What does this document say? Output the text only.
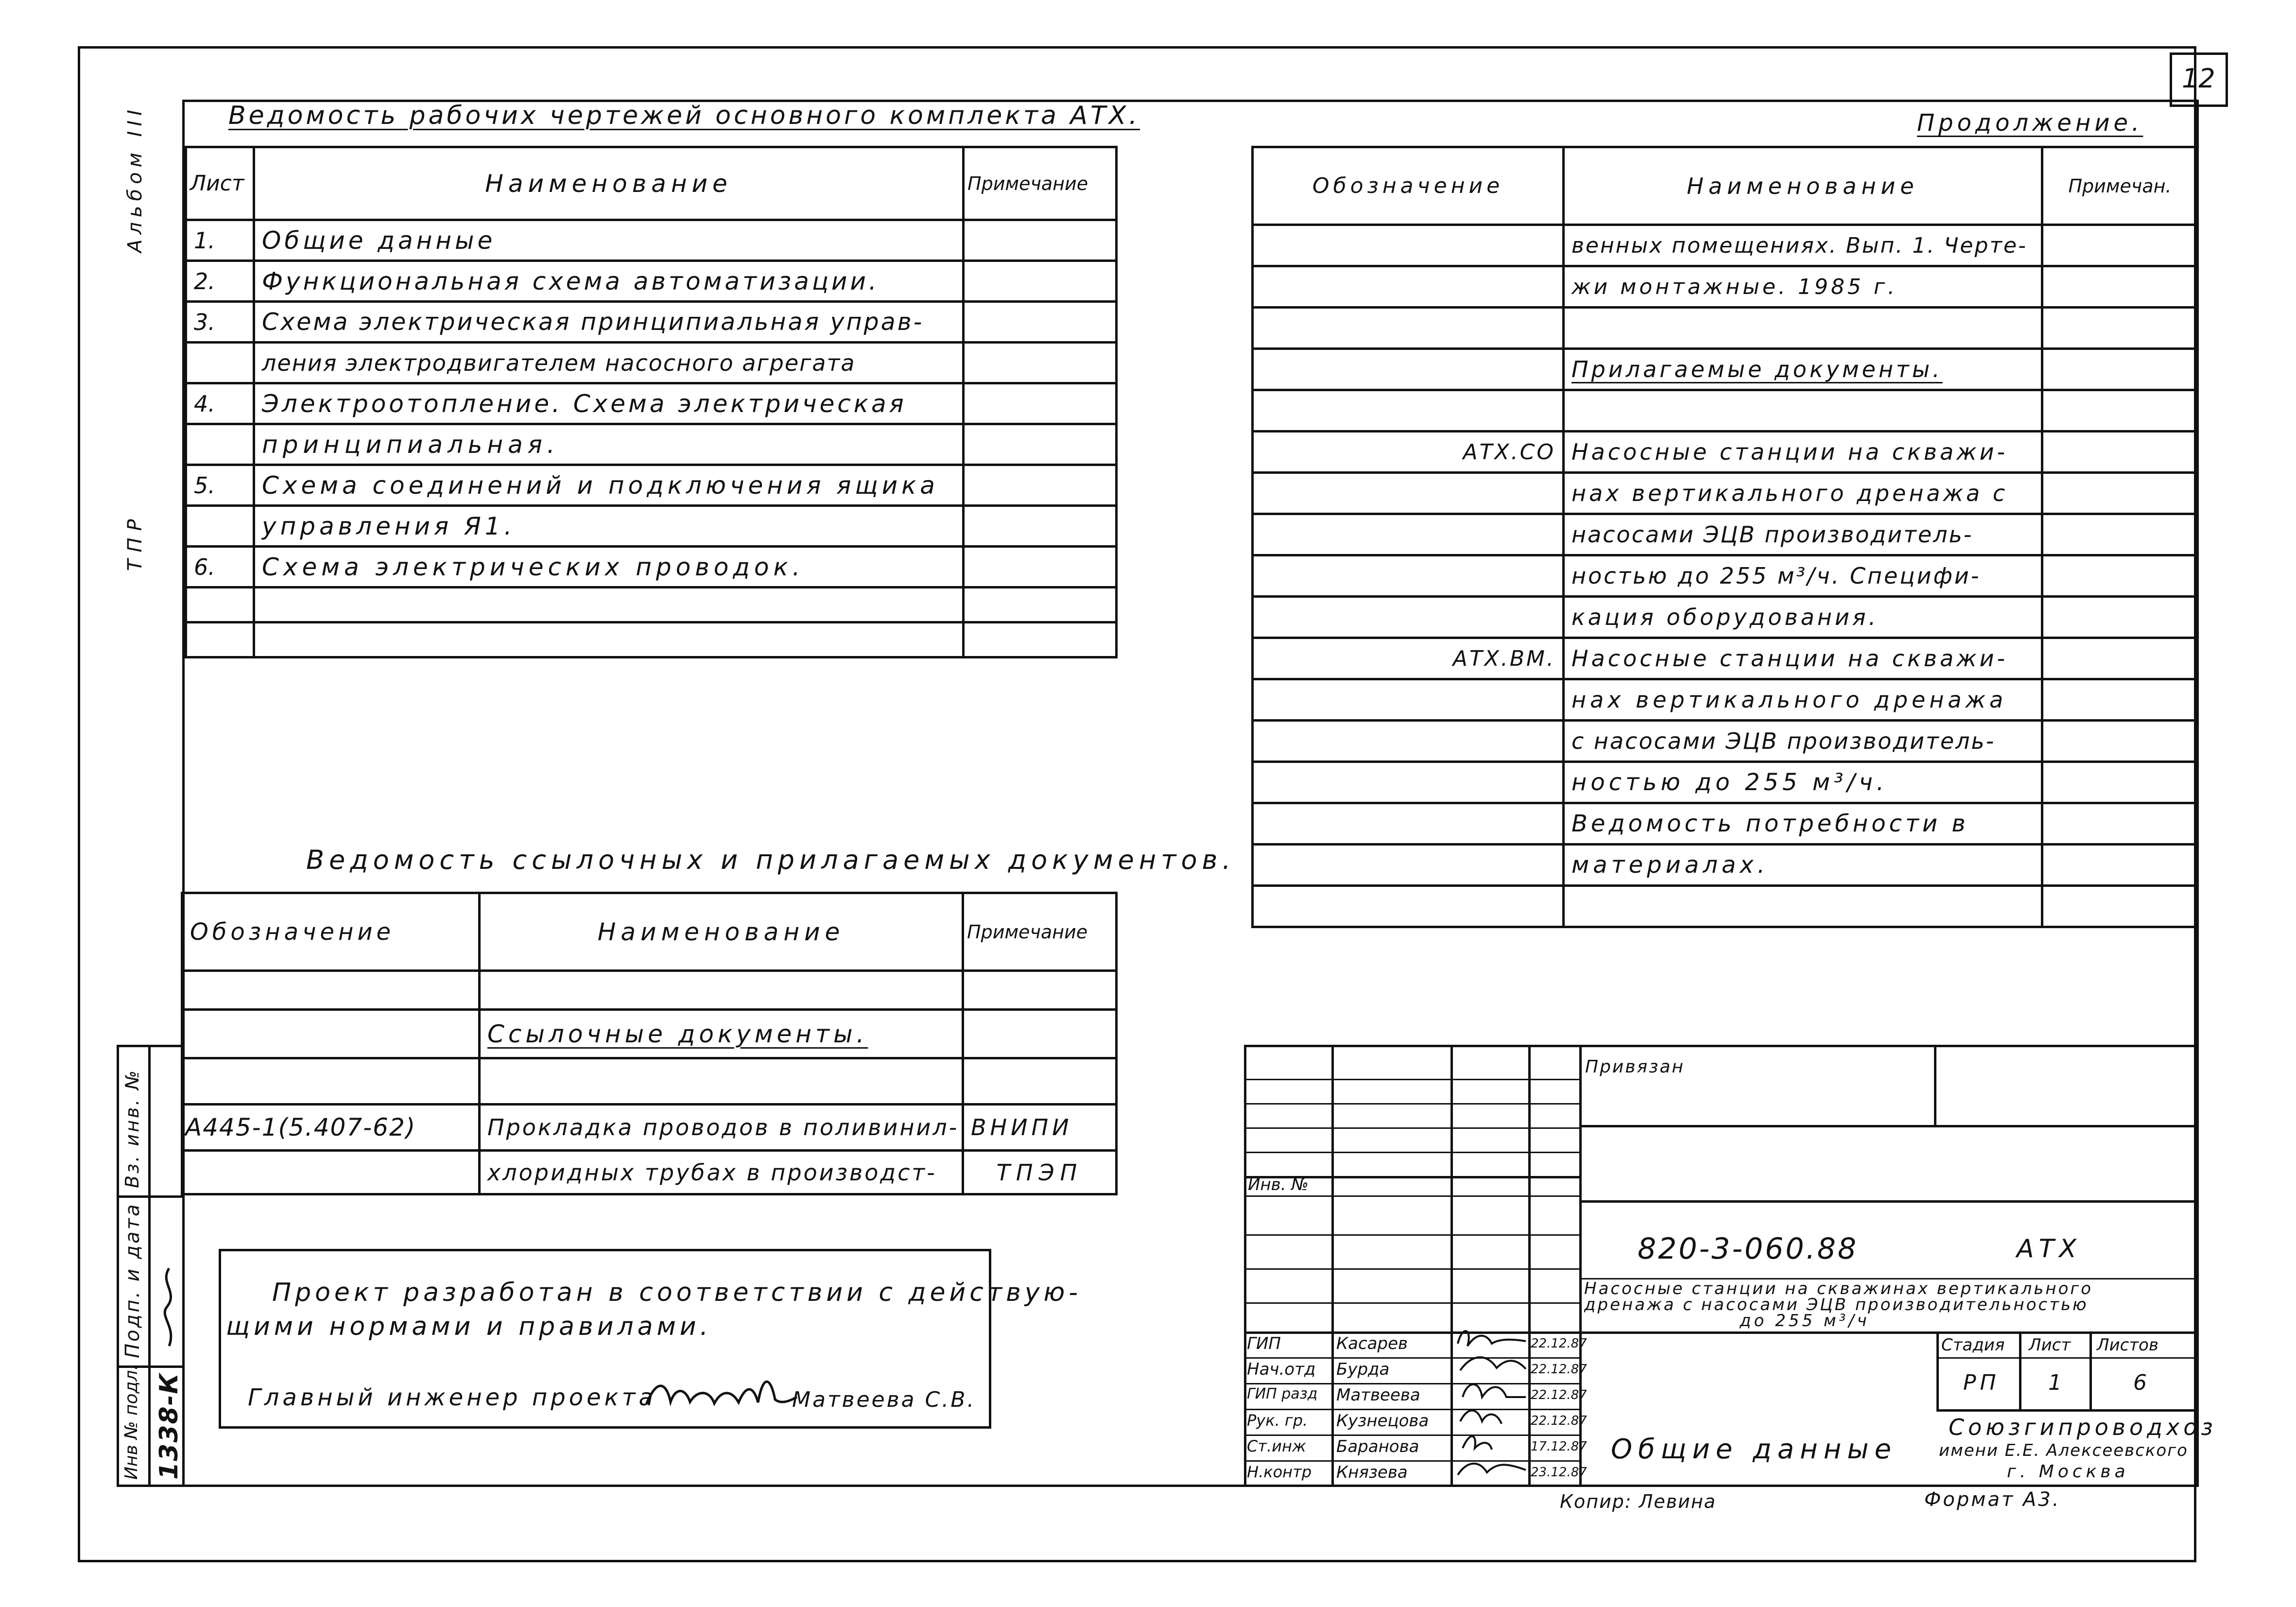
12
Альбом III
ТПР
Ведомость рабочих чертежей основного комплекта АТХ.
Лист	Наименование	Примечание
1.	Общие данные	
2.	Функциональная схема автоматизации.	
3.	Схема электрическая принципиальная управ-	
	ления электродвигателем насосного агрегата	
4.	Электроотопление. Схема электрическая	
	принципиальная.	
5.	Схема соединений и подключения ящика	
	управления Я1.	
6.	Схема электрических проводок.	

Продолжение.
Обозначение	Наименование	Примечан.
	венных помещениях. Вып. 1. Черте-	
	жи монтажные. 1985 г.	

	Прилагаемые документы.	

АТХ.СО	Насосные станции на скважи-	
	нах вертикального дренажа с	
	насосами ЭЦВ производитель-	
	ностью до 255 м³/ч. Специфи-	
	кация оборудования.	
АТХ.ВМ.	Насосные станции на скважи-	
	нах вертикального дренажа	
	с насосами ЭЦВ производитель-	
	ностью до 255 м³/ч.	
	Ведомость потребности в	
	материалах.	

Ведомость ссылочных и прилагаемых документов.
Обозначение	Наименование	Примечание

	Ссылочные документы.	

А445-1(5.407-62)	Прокладка проводов в поливинил-	ВНИПИ
	хлоридных трубах в производст-	ТПЭП
Проект разработан в соответствии с действую-
щими нормами и правилами.
Главный инженер проекта	Матвеева С.В.
Инв № подл.
Подп. и дата
Вз. инв. №
1338-К
Инв. №
ГИП	Касарев	22.12.87
Нач.отд Бурда	22.12.87
ГИП разд Матвеева	22.12.87
Рук. гр. Кузнецова	22.12.87
Ст.инж Баранова	17.12.87
Н.контр Князева	23.12.87
Привязан
820-3-060.88	АТХ
Насосные станции на скважинах вертикального
дренажа с насосами ЭЦВ производительностью
до 255 м³/ч
Стадия Лист Листов
РП 1	6
Общие данные
Союзгипроводхоз
имени Е.Е. Алексеевского
г. Москва
Копир: Левина	Формат А3.
